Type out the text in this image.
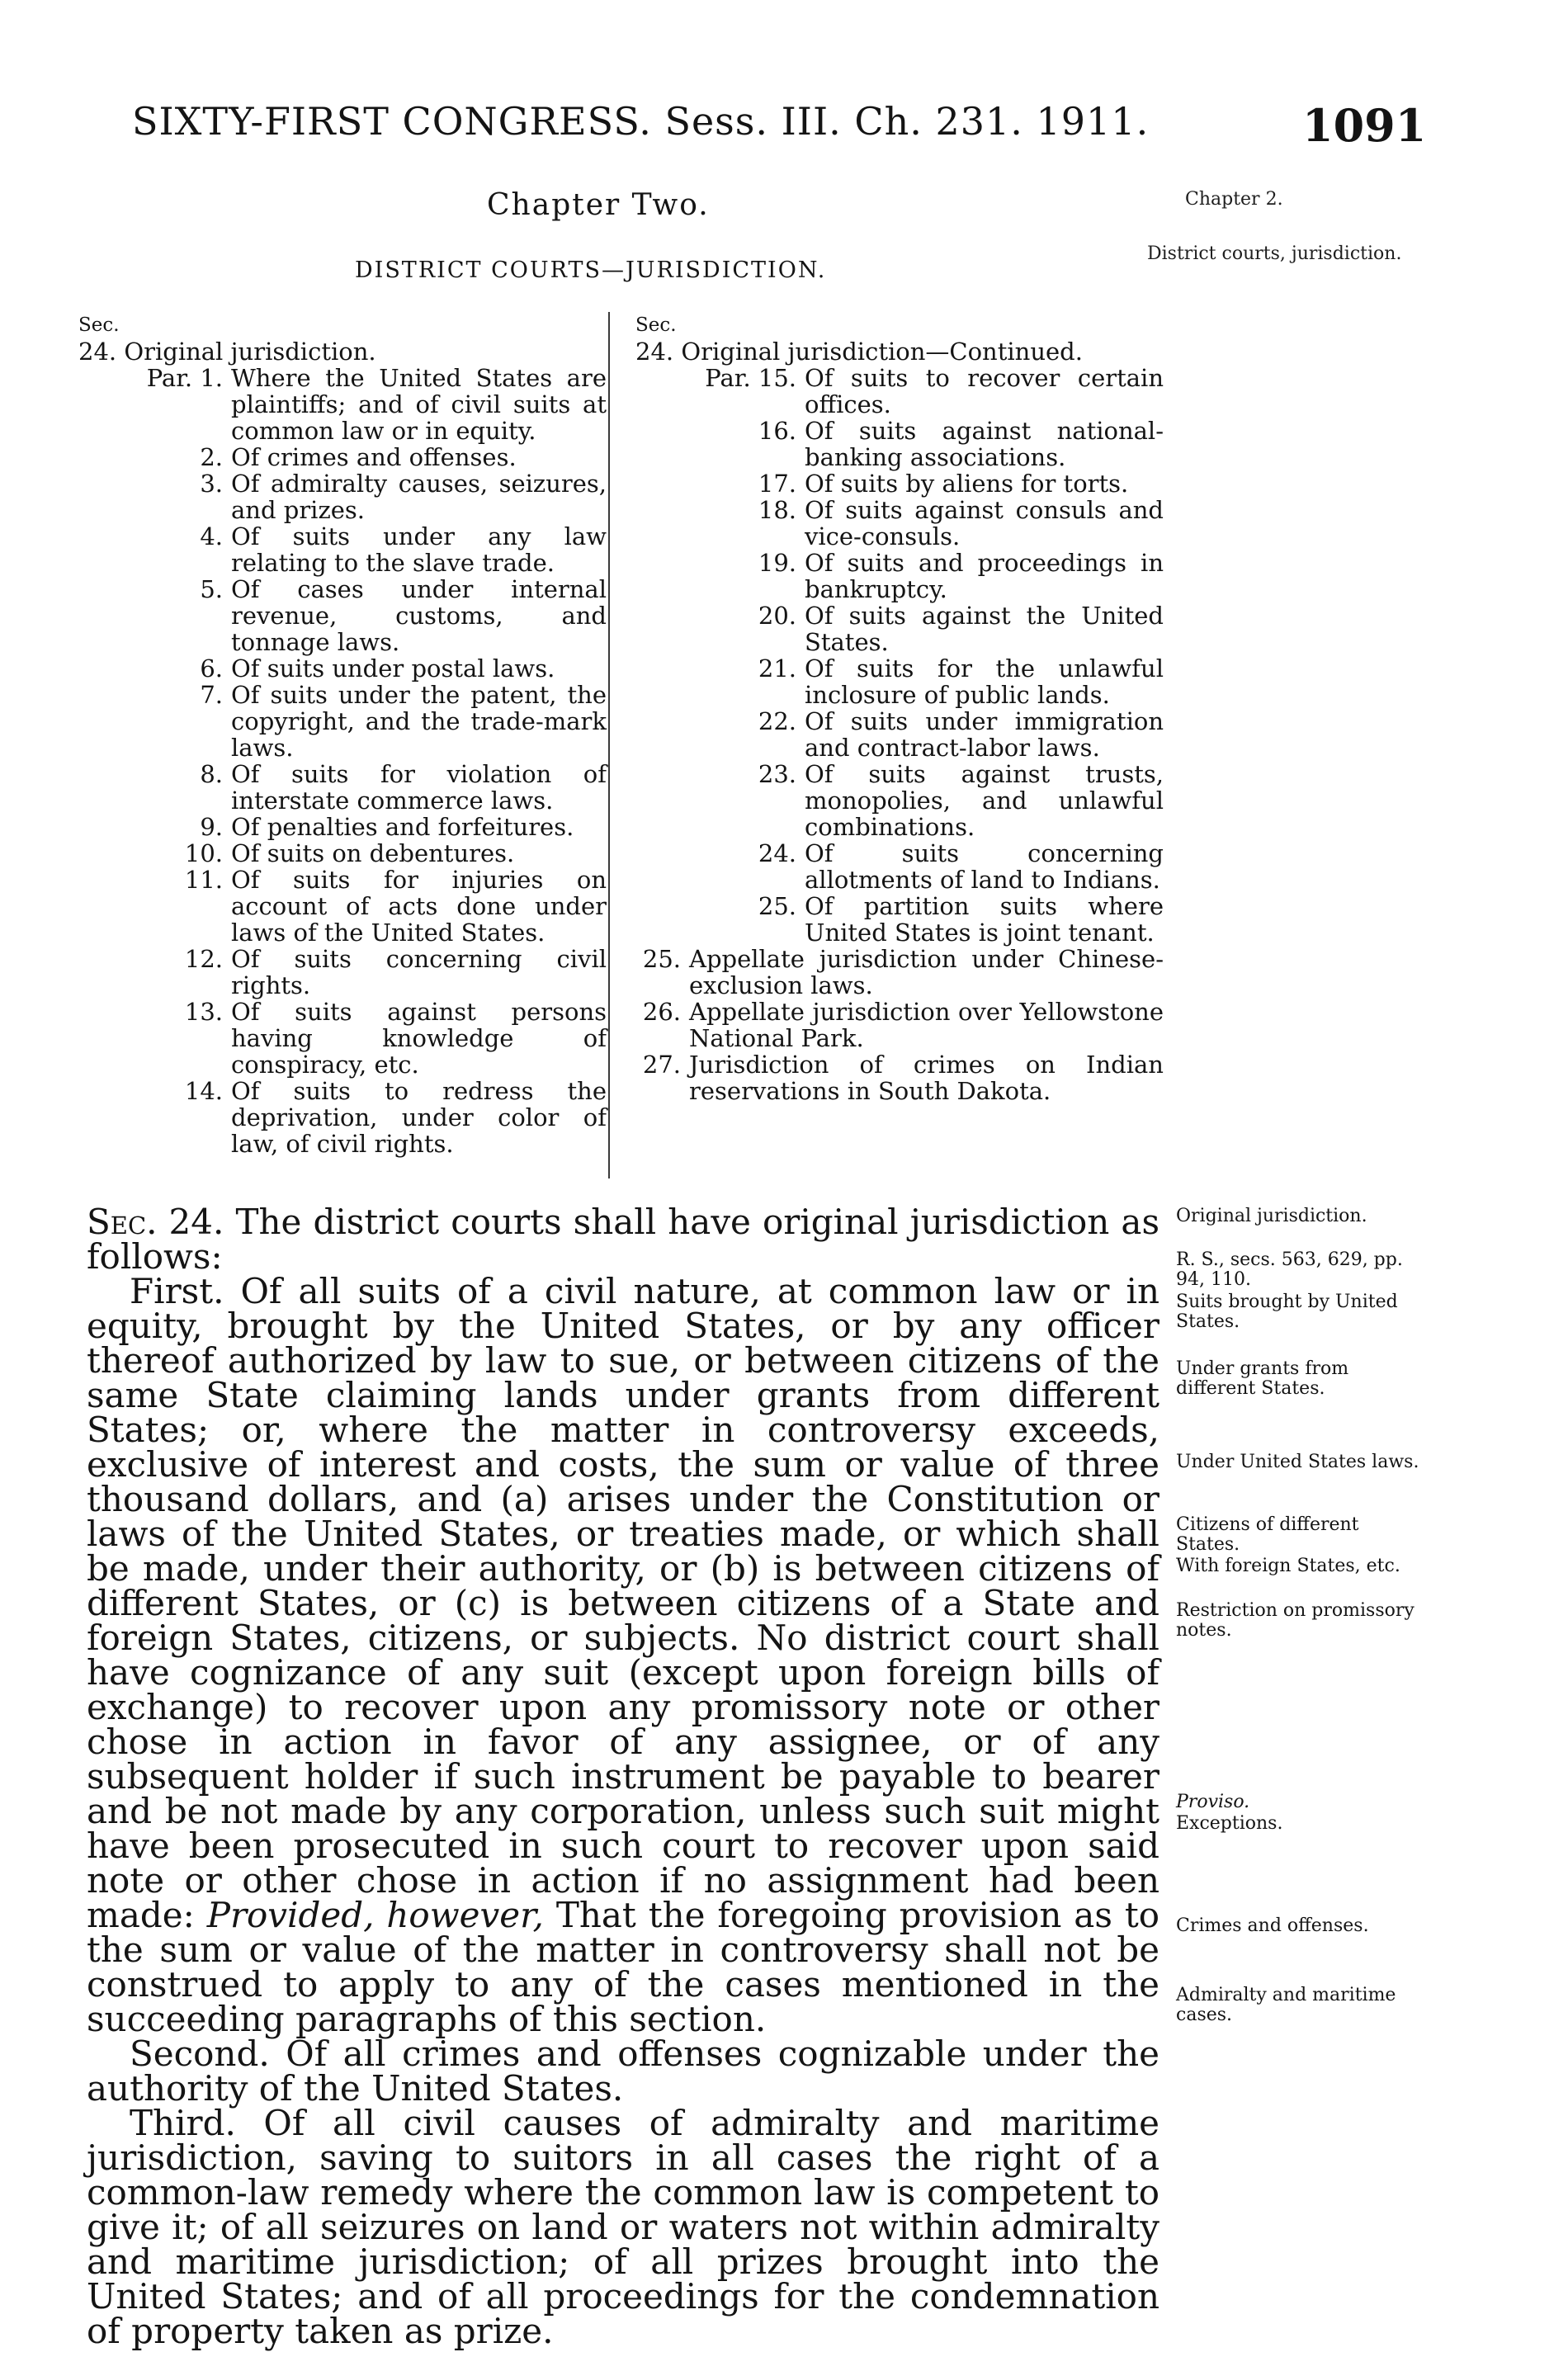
SIXTY-FIRST CONGRESS. Sess. III. Ch. 231. 1911.	1091
Chapter Two.
DISTRICT COURTS—JURISDICTION.
Chapter 2.
District courts, jurisdiction.
Sec.
24. Original jurisdiction.
Par. 1. Where the United States are plaintiffs; and of civil suits at common law or in equity.
2. Of crimes and offenses.
3. Of admiralty causes, seizures, and prizes.
4. Of suits under any law relating to the slave trade.
5. Of cases under internal revenue, customs, and tonnage laws.
6. Of suits under postal laws.
7. Of suits under the patent, the copyright, and the trade-mark laws.
8. Of suits for violation of interstate commerce laws.
9. Of penalties and forfeitures.
10. Of suits on debentures.
11. Of suits for injuries on account of acts done under laws of the United States.
12. Of suits concerning civil rights.
13. Of suits against persons having knowledge of conspiracy, etc.
14. Of suits to redress the deprivation, under color of law, of civil rights.
Sec.
24. Original jurisdiction—Continued.
Par. 15. Of suits to recover certain offices.
16. Of suits against national-banking associations.
17. Of suits by aliens for torts.
18. Of suits against consuls and vice-consuls.
19. Of suits and proceedings in bankruptcy.
20. Of suits against the United States.
21. Of suits for the unlawful inclosure of public lands.
22. Of suits under immigration and contract-labor laws.
23. Of suits against trusts, monopolies, and unlawful combinations.
24. Of suits concerning allotments of land to Indians.
25. Of partition suits where United States is joint tenant.
25. Appellate jurisdiction under Chinese-exclusion laws.
26. Appellate jurisdiction over Yellowstone National Park.
27. Jurisdiction of crimes on Indian reservations in South Dakota.

Sec. 24. The district courts shall have original jurisdiction as follows:

First. Of all suits of a civil nature, at common law or in equity, brought by the United States, or by any officer thereof authorized by law to sue, or between citizens of the same State claiming lands under grants from different States; or, where the matter in controversy exceeds, exclusive of interest and costs, the sum or value of three thousand dollars, and (a) arises under the Constitution or laws of the United States, or treaties made, or which shall be made, under their authority, or (b) is between citizens of different States, or (c) is between citizens of a State and foreign States, citizens, or subjects. No district court shall have cognizance of any suit (except upon foreign bills of exchange) to recover upon any promissory note or other chose in action in favor of any assignee, or of any subsequent holder if such instrument be payable to bearer and be not made by any corporation, unless such suit might have been prosecuted in such court to recover upon said note or other chose in action if no assignment had been made: Provided, however, That the foregoing provision as to the sum or value of the matter in controversy shall not be construed to apply to any of the cases mentioned in the succeeding paragraphs of this section.

Second. Of all crimes and offenses cognizable under the authority of the United States.

Third. Of all civil causes of admiralty and maritime jurisdiction, saving to suitors in all cases the right of a common-law remedy where the common law is competent to give it; of all seizures on land or waters not within admiralty and maritime jurisdiction; of all prizes brought into the United States; and of all proceedings for the condemnation of property taken as prize.

Original jurisdiction.
R. S., secs. 563, 629, pp. 94, 110.
Suits brought by United States.
Under grants from different States.
Under United States laws.
Citizens of different States.
With foreign States, etc.
Restriction on promissory notes.
Proviso.
Exceptions.
Crimes and offenses.
Admiralty and maritime cases.
